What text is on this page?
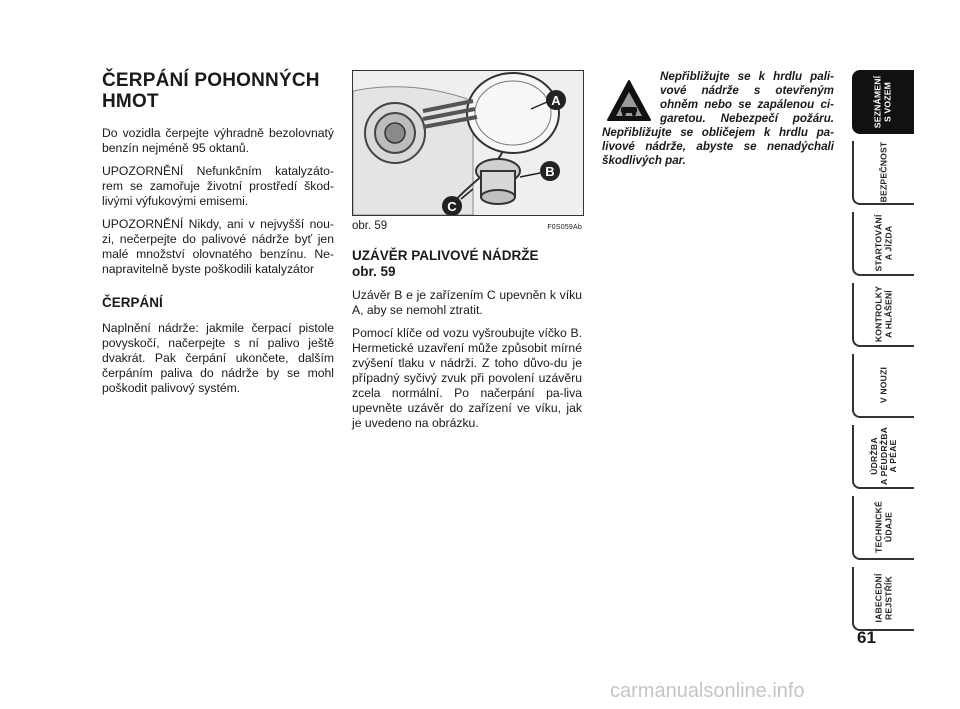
ČERPÁNÍ POHONNÝCH HMOT

Do vozidla čerpejte výhradně bezolovnatý benzín nejméně 95 oktanů.

UPOZORNĚNÍ Nefunkčním katalyzáto-rem se zamořuje životní prostředí škod-livými výfukovými emisemi.

UPOZORNĚNÍ Nikdy, ani v nejvyšší nou-zi, nečerpejte do palivové nádrže byť jen malé množství olovnatého benzínu. Ne-napravitelně byste poškodili katalyzátor

ČERPÁNÍ

Naplnění nádrže: jakmile čerpací pistole povyskočí, načerpejte s ní palivo ještě dvakrát. Pak čerpání ukončete, dalším čerpáním paliva do nádrže by se mohl poškodit palivový systém.

A
B
C
obr. 59	F0S059Ab
UZÁVĚR PALIVOVÉ NÁDRŽE obr. 59

Uzávěr B e je zařízením C upevněn k víku A, aby se nemohl ztratit.

Pomocí klíče od vozu vyšroubujte víčko B. Hermetické uzavření může způsobit mírné zvýšení tlaku v nádrži. Z toho důvo-du je případný syčivý zvuk při povolení uzávěru zcela normální. Po načerpání pa-liva upevněte uzávěr do zařízení ve víku, jak je uvedeno na obrázku.

Nepřibližujte se k hrdlu pali-vové nádrže s otevřeným ohněm nebo se zapálenou ci-garetou. Nebezpečí požáru. Nepřibližujte se obličejem k hrdlu pa-livové nádrže, abyste se nenadýchali škodlivých par.
SEZNÁMENÍ
S VOZEM
BEZPEČNOST
STARTOVÁNÍ
A JÍZDA
KONTROLKY
A HLÁŠENÍ
V NOUZI
ÚDRŽBA
A PÉUDRŽBA
A PÉAE
TECHNICKÉ
ÚDAJE
IABECEDNÍ
REJSTŘÍK
61
carmanualsonline.info
